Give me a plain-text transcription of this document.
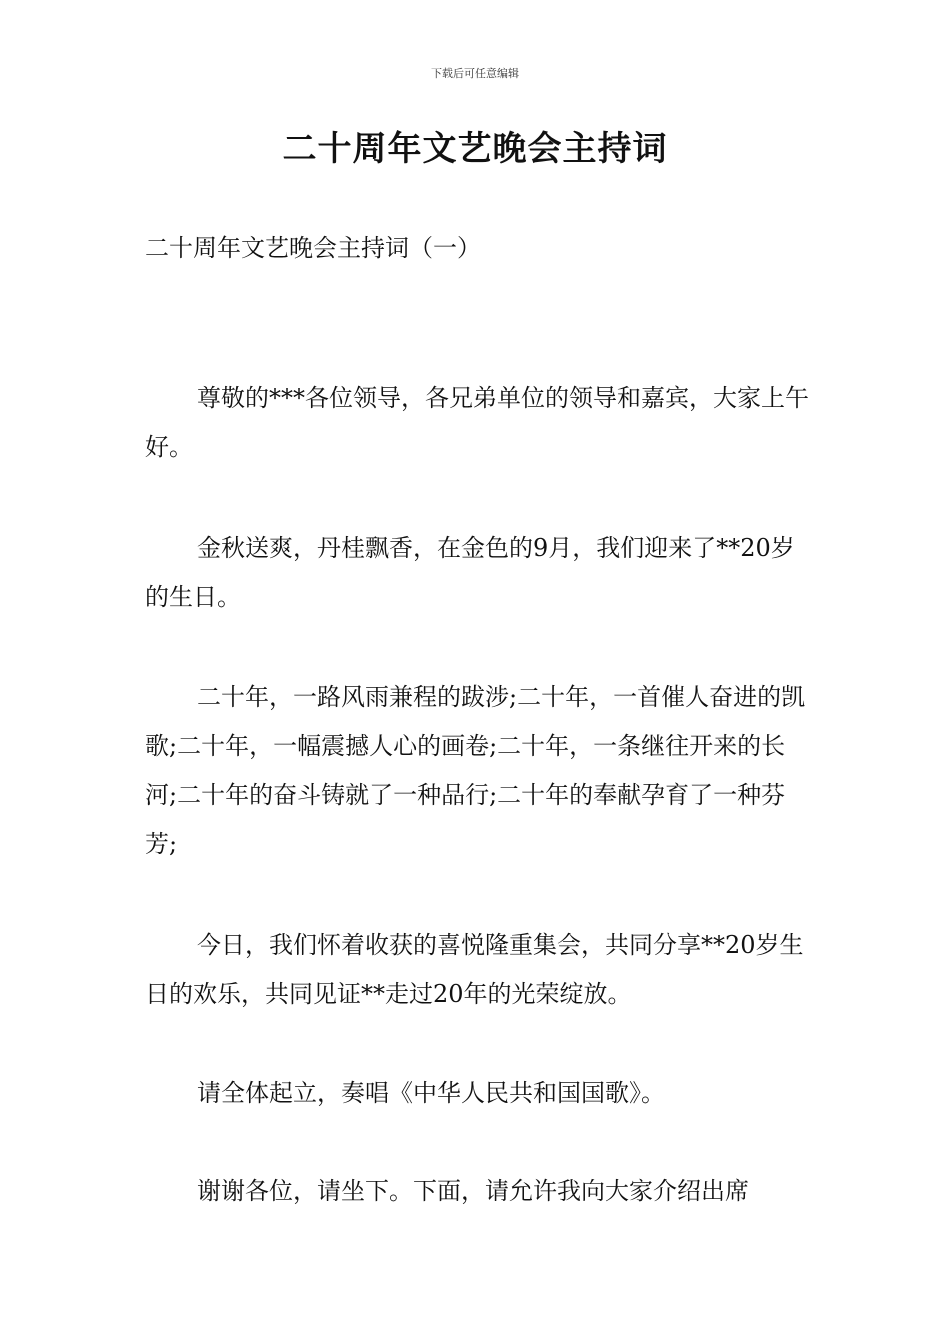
下载后可任意编辑
二十周年文艺晚会主持词

二十周年文艺晚会主持词（一）

尊敬的***各位领导，各兄弟单位的领导和嘉宾，大家上午好。

金秋送爽，丹桂飘香，在金色的9月，我们迎来了**20岁的生日。

二十年，一路风雨兼程的跋涉;二十年，一首催人奋进的凯歌;二十年，一幅震撼人心的画卷;二十年，一条继往开来的长河;二十年的奋斗铸就了一种品行;二十年的奉献孕育了一种芬芳;

今日，我们怀着收获的喜悦隆重集会，共同分享**20岁生日的欢乐，共同见证**走过20年的光荣绽放。

请全体起立，奏唱《中华人民共和国国歌》。

谢谢各位，请坐下。下面，请允许我向大家介绍出席
